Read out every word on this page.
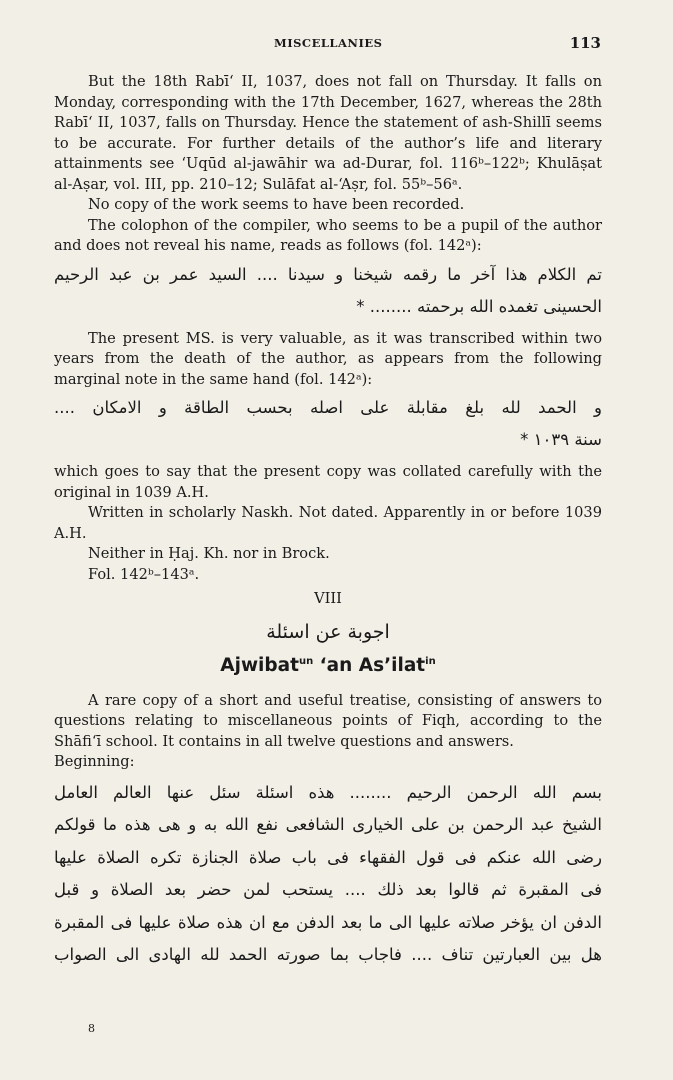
MISCELLANIES	113

But the 18th Rabī‘ II, 1037, does not fall on Thursday. It falls on Monday, corresponding with the 17th December, 1627, whereas the 28th Rabī‘ II, 1037, falls on Thursday. Hence the statement of ash-Shillī seems to be accurate. For further details of the author’s life and literary attainments see ‘Uqūd al-jawāhir wa ad-Durar, fol. 116ᵇ–122ᵇ; Khulāṣat al-Aṣar, vol. III, pp. 210–12; Sulāfat al-‘Aṣr, fol. 55ᵇ–56ᵃ.

No copy of the work seems to have been recorded.

The colophon of the compiler, who seems to be a pupil of the author and does not reveal his name, reads as follows (fol. 142ᵃ):

تم الكلام هذا آخر ما رقمه شيخنا و سيدنا .... السيد عمر بن عبد الرحيم
الحسينى تغمده الله برحمته ........ *

The present MS. is very valuable, as it was transcribed within two years from the death of the author, as appears from the following marginal note in the same hand (fol. 142ᵃ):

و الحمد لله بلغ مقابلة على اصله بحسب الطاقة و الامكان ....
سنة ١٠٣٩ *

which goes to say that the present copy was collated carefully with the original in 1039 A.H.

Written in scholarly Naskh. Not dated. Apparently in or before 1039 A.H.

Neither in Ḥaj. Kh. nor in Brock.

Fol. 142ᵇ–143ᵃ.

VIII
اجوبة عن اسئلة
Ajwibat$^{un}$ ‘an As’ilat$^{in}$

A rare copy of a short and useful treatise, consisting of answers to questions relating to miscellaneous points of Fiqh, according to the Shāfi‘ī school. It contains in all twelve questions and answers.

Beginning:

بسم الله الرحمن الرحيم ........ هذه اسئلة سئل عنها العالم العامل
الشيخ عبد الرحمن بن على الخيارى الشافعى نفع الله به و هى هذه ما قولكم
رضى الله عنكم فى قول الفقهاء فى باب صلاة الجنازة تكره الصلاة عليها
فى المقبرة ثم قالوا بعد ذلك .... يستحب لمن حضر بعد الصلاة و قبل
الدفن ان يؤخر صلاته عليها الى ما بعد الدفن مع ان هذه صلاة عليها فى المقبرة
هل بين العبارتين تناف .... فاجاب بما صورته الحمد لله الهادى الى الصواب
8
